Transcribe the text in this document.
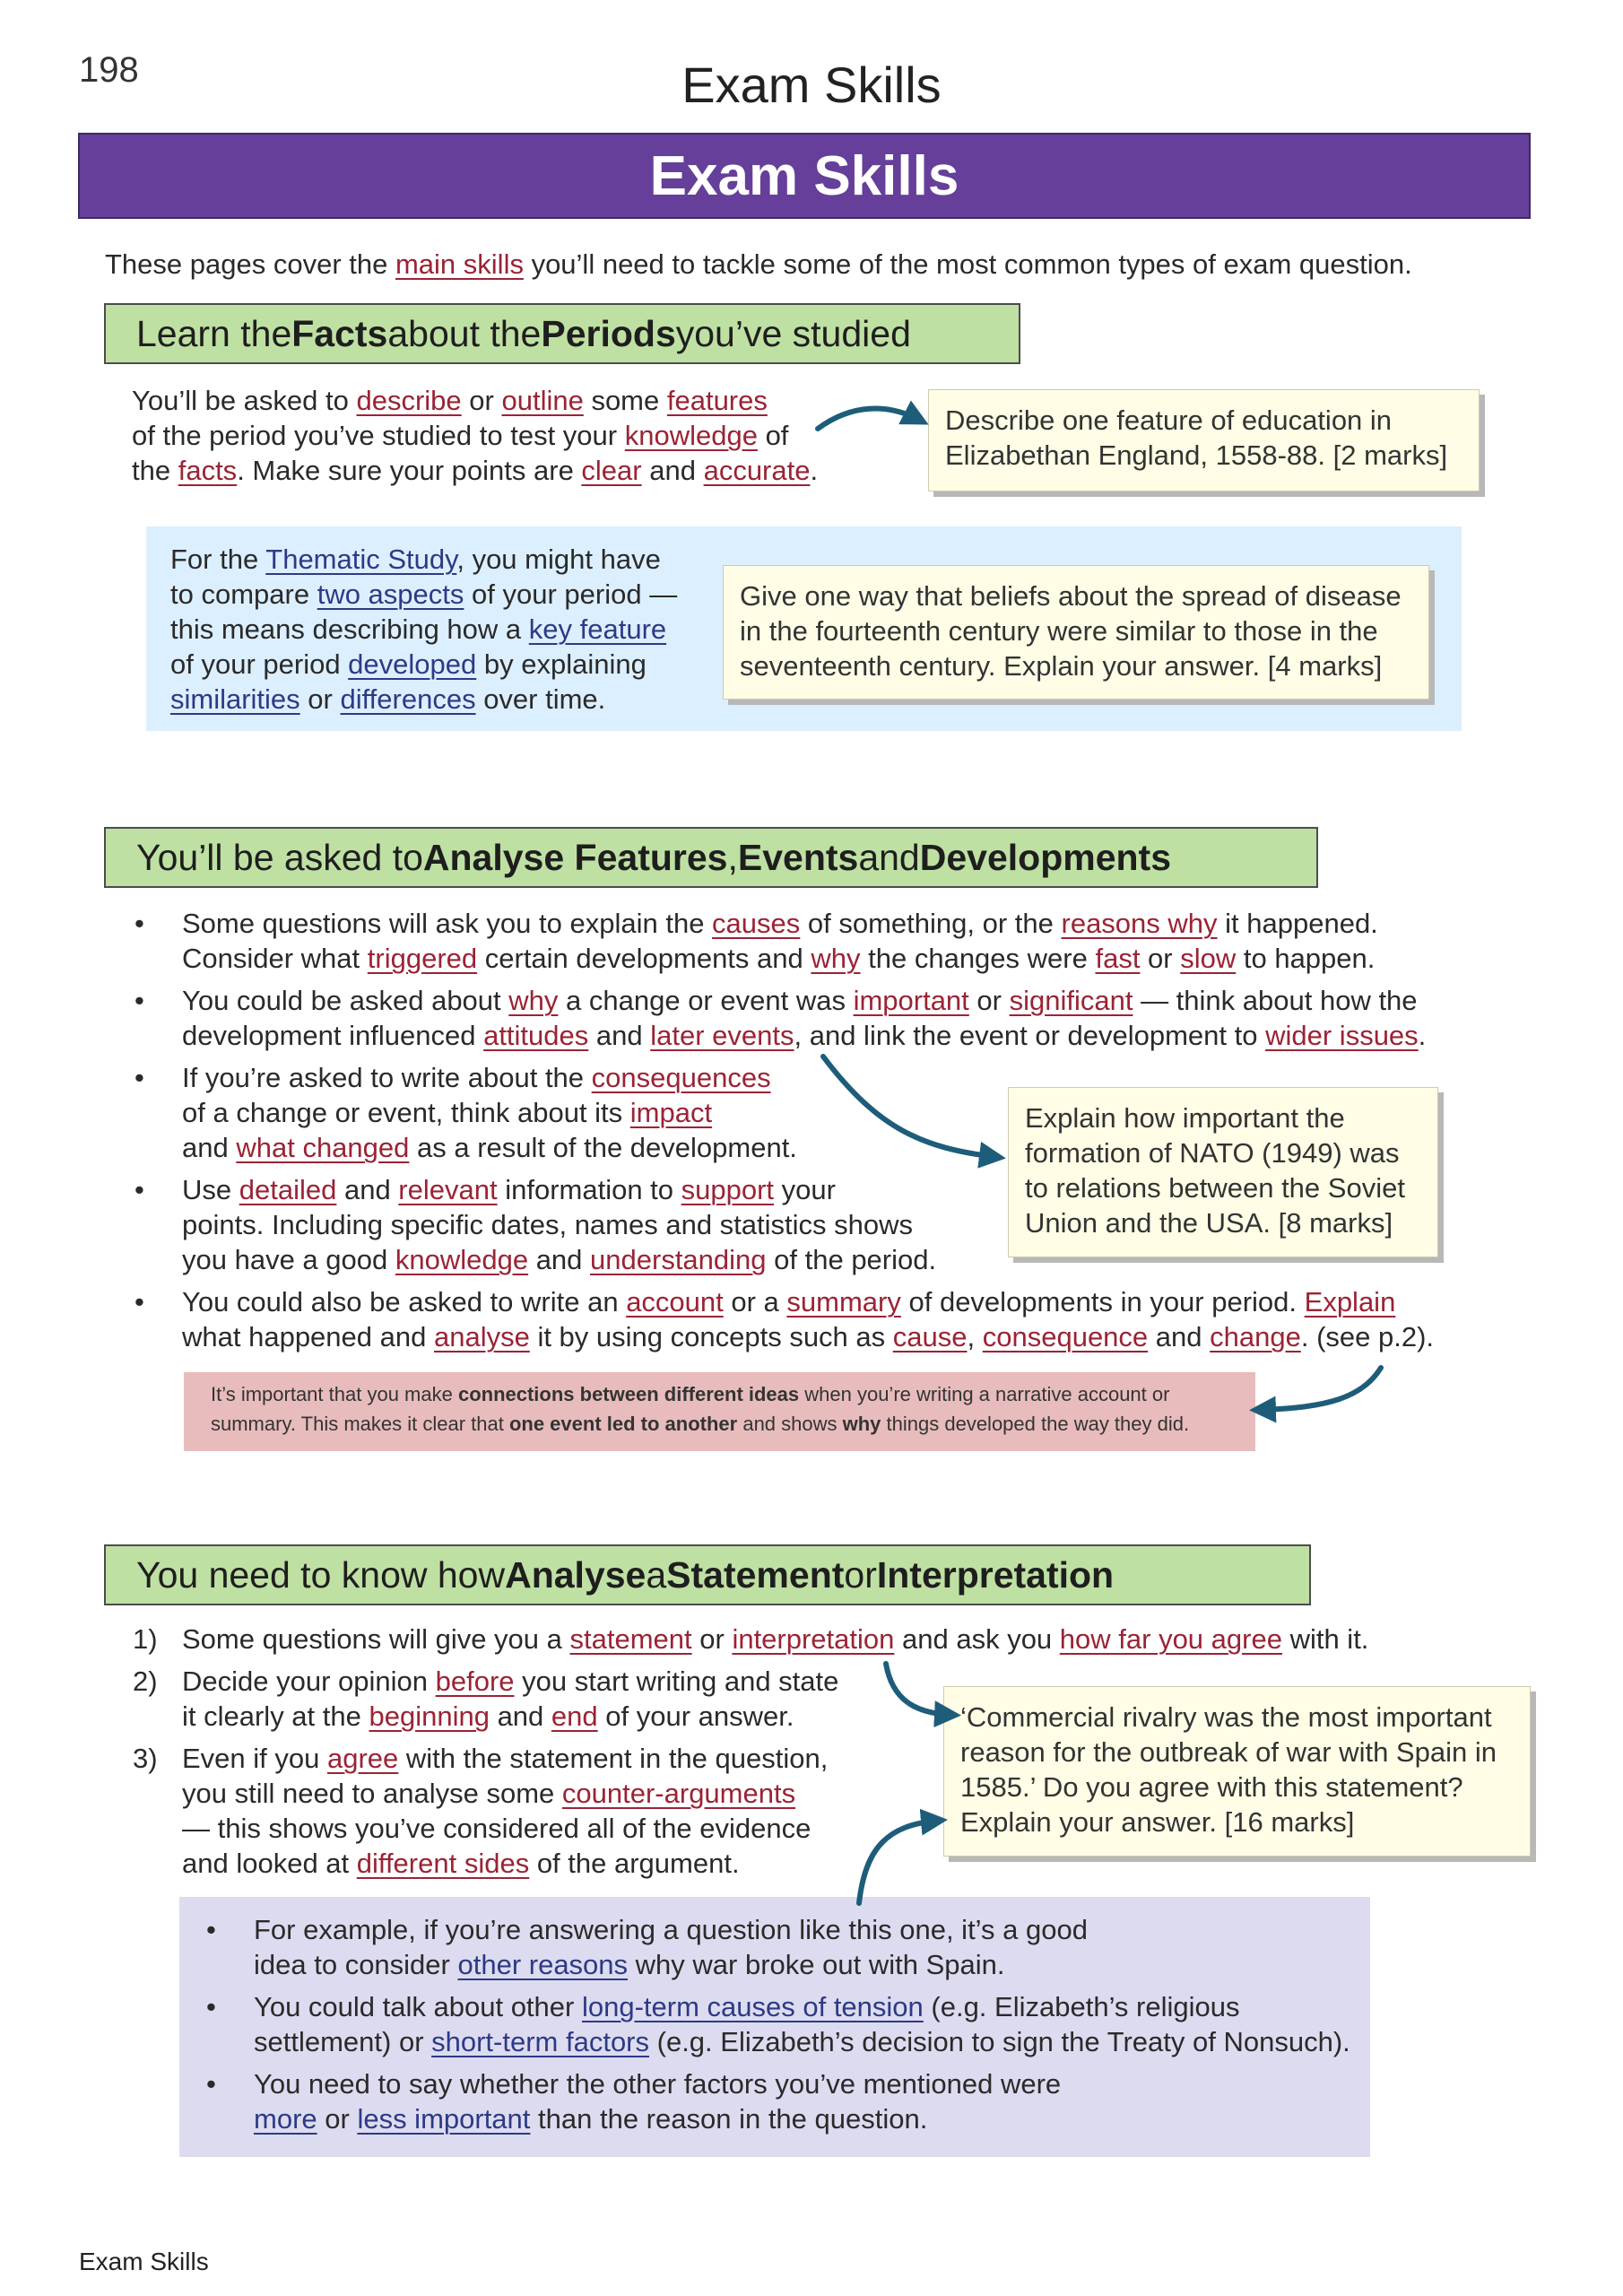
198	Exam Skills
Exam Skills
These pages cover the main skills you’ll need to tackle some of the most common types of exam question.
Learn the Facts about the Periods you’ve studied
You’ll be asked to describe or outline some features
of the period you’ve studied to test your knowledge of
the facts. Make sure your points are clear and accurate.
Describe one feature of education in Elizabethan England, 1558-88. [2 marks]
For the Thematic Study, you might have
to compare two aspects of your period —
this means describing how a key feature
of your period developed by explaining
similarities or differences over time.
Give one way that beliefs about the spread of disease in the fourteenth century were similar to those in the seventeenth century. Explain your answer. [4 marks]
You’ll be asked to Analyse Features , Events and Developments
• Some questions will ask you to explain the causes of something, or the reasons why it happened.
Consider what triggered certain developments and why the changes were fast or slow to happen.
• You could be asked about why a change or event was important or significant — think about how the
development influenced attitudes and later events, and link the event or development to wider issues.
• If you’re asked to write about the consequences
of a change or event, think about its impact
and what changed as a result of the development.
• Use detailed and relevant information to support your
points. Including specific dates, names and statistics shows
you have a good knowledge and understanding of the period.
• You could also be asked to write an account or a summary of developments in your period. Explain
what happened and analyse it by using concepts such as cause, consequence and change. (see p.2).
Explain how important the formation of NATO (1949) was to relations between the Soviet Union and the USA. [8 marks]
It’s important that you make connections between different ideas when you’re writing a narrative account or
summary. This makes it clear that one event led to another and shows why things developed the way they did.
You need to know how Analyse a Statement or Interpretation
1) Some questions will give you a statement or interpretation and ask you how far you agree with it.
2) Decide your opinion before you start writing and state
it clearly at the beginning and end of your answer.
3) Even if you agree with the statement in the question,
you still need to analyse some counter-arguments
— this shows you’ve considered all of the evidence
and looked at different sides of the argument.
‘Commercial rivalry was the most important reason for the outbreak of war with Spain in 1585.’ Do you agree with this statement? Explain your answer. [16 marks]
• For example, if you’re answering a question like this one, it’s a good
idea to consider other reasons why war broke out with Spain.
• You could talk about other long-term causes of tension (e.g. Elizabeth’s religious
settlement) or short-term factors (e.g. Elizabeth’s decision to sign the Treaty of Nonsuch).
• You need to say whether the other factors you’ve mentioned were
more or less important than the reason in the question.
Exam Skills
